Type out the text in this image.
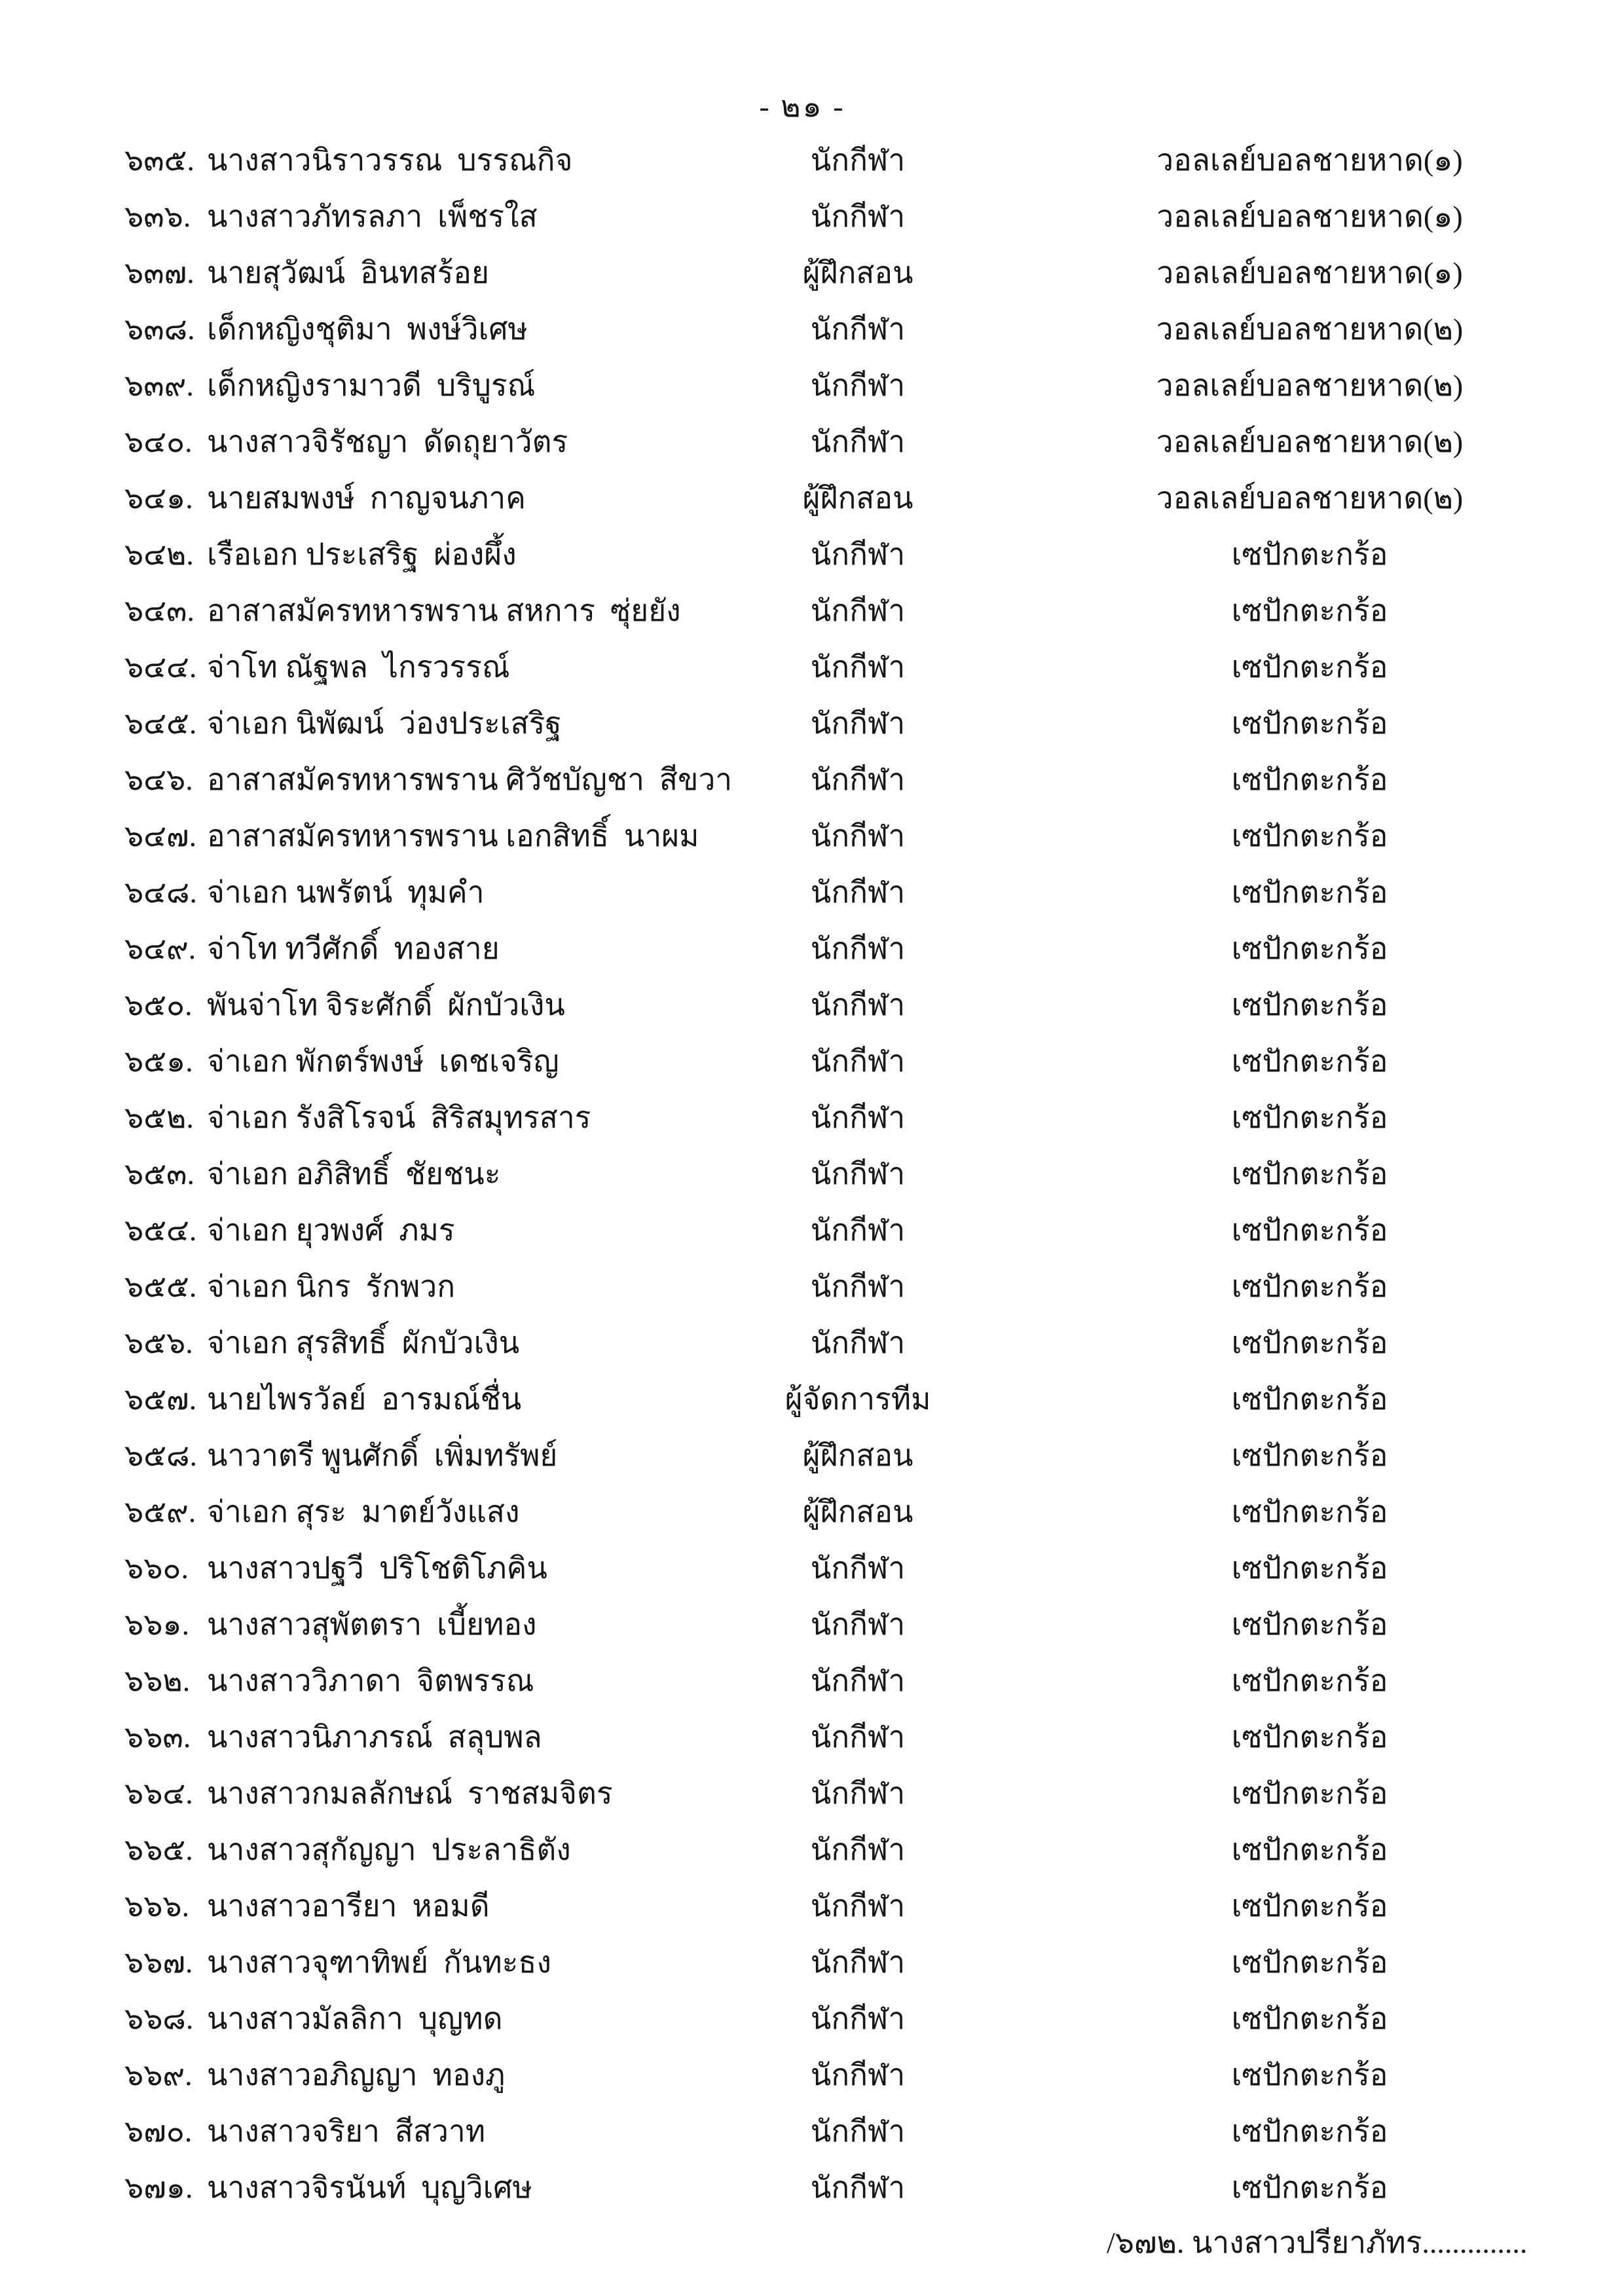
- ๒๑ -
๖๓๕. นางสาวนิราวรรณ  บรรณกิจ	นักกีฬา	วอลเลย์บอลชายหาด(๑)
๖๓๖. นางสาวภัทรลภา  เพ็ชรใส	นักกีฬา	วอลเลย์บอลชายหาด(๑)
๖๓๗. นายสุวัฒน์  อินทสร้อย	ผู้ฝึกสอน	วอลเลย์บอลชายหาด(๑)
๖๓๘. เด็กหญิงชุติมา  พงษ์วิเศษ	นักกีฬา	วอลเลย์บอลชายหาด(๒)
๖๓๙. เด็กหญิงรามาวดี  บริบูรณ์	นักกีฬา	วอลเลย์บอลชายหาด(๒)
๖๔๐. นางสาวจิรัชญา  ดัดถุยาวัตร	นักกีฬา	วอลเลย์บอลชายหาด(๒)
๖๔๑. นายสมพงษ์  กาญจนภาค	ผู้ฝึกสอน	วอลเลย์บอลชายหาด(๒)
๖๔๒. เรือเอก ประเสริฐ  ผ่องผึ้ง	นักกีฬา	เซปักตะกร้อ
๖๔๓. อาสาสมัครทหารพราน สหการ  ซุ่ยยัง	นักกีฬา	เซปักตะกร้อ
๖๔๔. จ่าโท ณัฐพล  ไกรวรรณ์	นักกีฬา	เซปักตะกร้อ
๖๔๕. จ่าเอก นิพัฒน์  ว่องประเสริฐ	นักกีฬา	เซปักตะกร้อ
๖๔๖. อาสาสมัครทหารพราน ศิวัชบัญชา  สีขวา	นักกีฬา	เซปักตะกร้อ
๖๔๗. อาสาสมัครทหารพราน เอกสิทธิ์  นาผม	นักกีฬา	เซปักตะกร้อ
๖๔๘. จ่าเอก นพรัตน์  ทุมคำ	นักกีฬา	เซปักตะกร้อ
๖๔๙. จ่าโท ทวีศักดิ์  ทองสาย	นักกีฬา	เซปักตะกร้อ
๖๕๐. พันจ่าโท จิระศักดิ์  ผักบัวเงิน	นักกีฬา	เซปักตะกร้อ
๖๕๑. จ่าเอก พักตร์พงษ์  เดชเจริญ	นักกีฬา	เซปักตะกร้อ
๖๕๒. จ่าเอก รังสิโรจน์  สิริสมุทรสาร	นักกีฬา	เซปักตะกร้อ
๖๕๓. จ่าเอก อภิสิทธิ์  ชัยชนะ	นักกีฬา	เซปักตะกร้อ
๖๕๔. จ่าเอก ยุวพงศ์  ภมร	นักกีฬา	เซปักตะกร้อ
๖๕๕. จ่าเอก นิกร  รักพวก	นักกีฬา	เซปักตะกร้อ
๖๕๖. จ่าเอก สุรสิทธิ์  ผักบัวเงิน	นักกีฬา	เซปักตะกร้อ
๖๕๗. นายไพรวัลย์  อารมณ์ชื่น	ผู้จัดการทีม	เซปักตะกร้อ
๖๕๘. นาวาตรี พูนศักดิ์  เพิ่มทรัพย์	ผู้ฝึกสอน	เซปักตะกร้อ
๖๕๙. จ่าเอก สุระ  มาตย์วังแสง	ผู้ฝึกสอน	เซปักตะกร้อ
๖๖๐. นางสาวปฐวี  ปริโชติโภคิน	นักกีฬา	เซปักตะกร้อ
๖๖๑. นางสาวสุพัตตรา  เบี้ยทอง	นักกีฬา	เซปักตะกร้อ
๖๖๒. นางสาววิภาดา  จิตพรรณ	นักกีฬา	เซปักตะกร้อ
๖๖๓. นางสาวนิภาภรณ์  สลุบพล	นักกีฬา	เซปักตะกร้อ
๖๖๔. นางสาวกมลลักษณ์  ราชสมจิตร	นักกีฬา	เซปักตะกร้อ
๖๖๕. นางสาวสุกัญญา  ประลาธิตัง	นักกีฬา	เซปักตะกร้อ
๖๖๖. นางสาวอารียา  หอมดี	นักกีฬา	เซปักตะกร้อ
๖๖๗. นางสาวจุฑาทิพย์  กันทะธง	นักกีฬา	เซปักตะกร้อ
๖๖๘. นางสาวมัลลิกา  บุญทด	นักกีฬา	เซปักตะกร้อ
๖๖๙. นางสาวอภิญญา  ทองภู	นักกีฬา	เซปักตะกร้อ
๖๗๐. นางสาวจริยา  สีสวาท	นักกีฬา	เซปักตะกร้อ
๖๗๑. นางสาวจิรนันท์  บุญวิเศษ	นักกีฬา	เซปักตะกร้อ
/๖๗๒. นางสาวปรียาภัทร..............
